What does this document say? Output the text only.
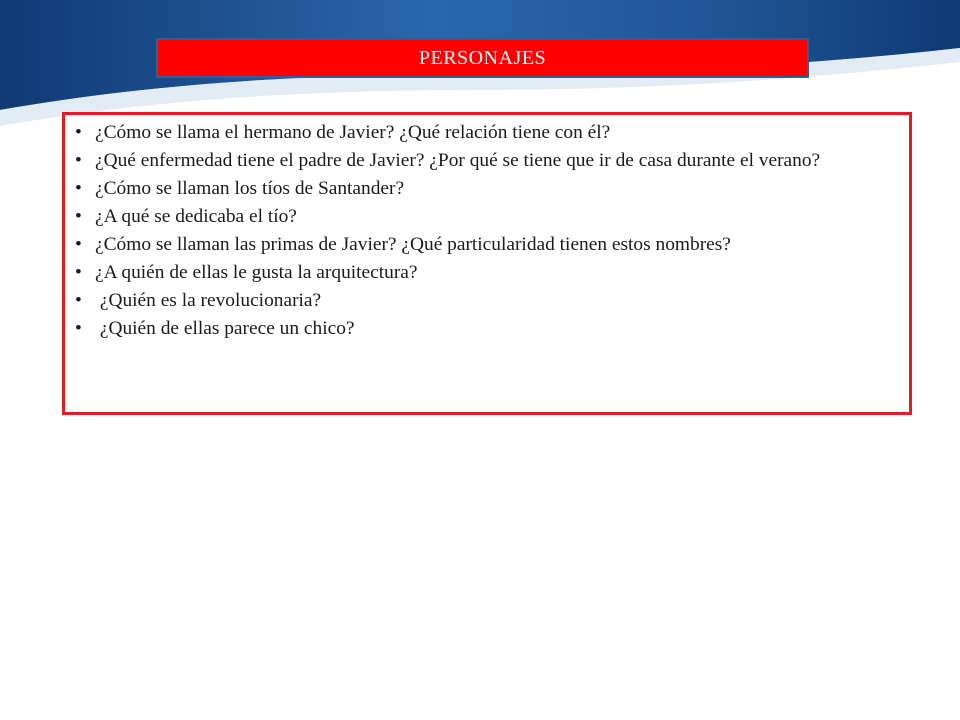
PERSONAJES
• ¿Cómo se llama el hermano de Javier? ¿Qué relación tiene con él?
• ¿Qué enfermedad tiene el padre de Javier? ¿Por qué se tiene que ir de casa durante el verano?
• ¿Cómo se llaman los tíos de Santander?
• ¿A qué se dedicaba el tío?
• ¿Cómo se llaman las primas de Javier? ¿Qué particularidad tienen estos nombres?
• ¿A quién de ellas le gusta la arquitectura?
• ¿Quién es la revolucionaria?
• ¿Quién de ellas parece un chico?
